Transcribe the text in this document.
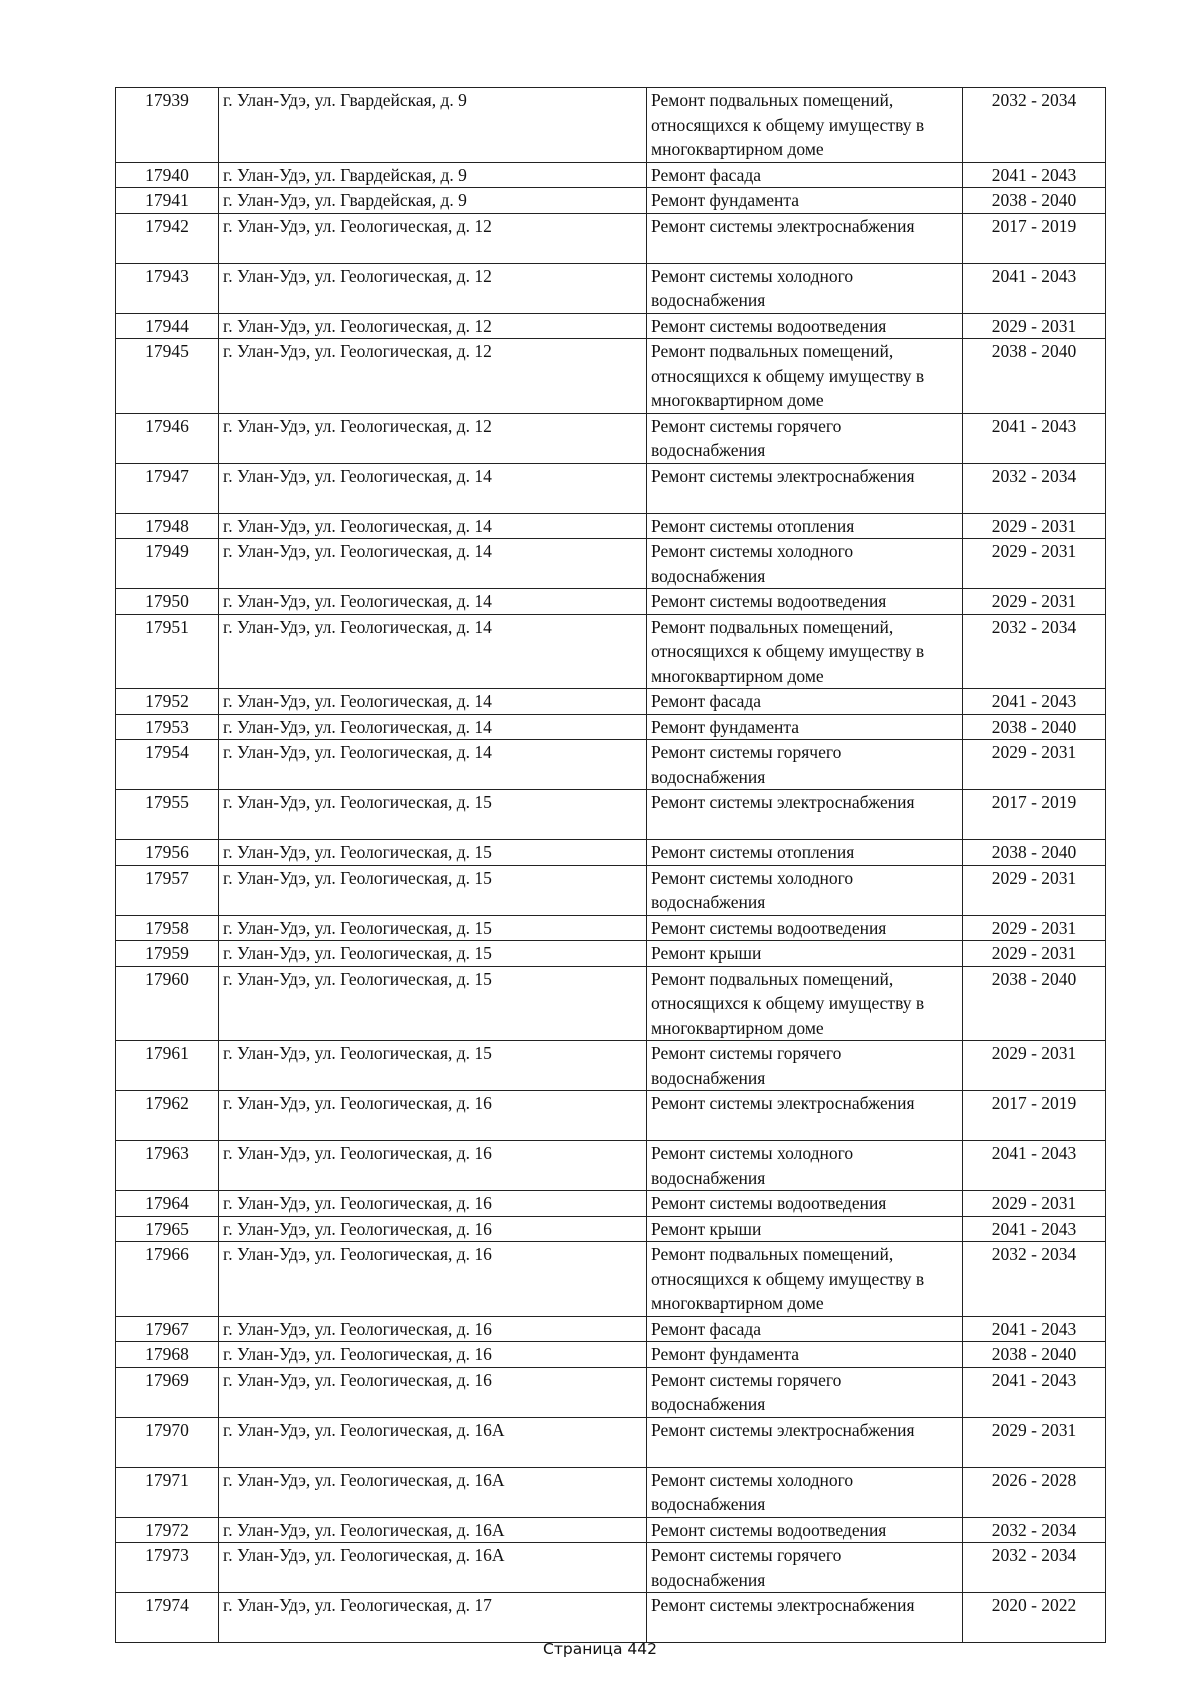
17939	г. Улан-Удэ, ул. Гвардейская, д. 9	Ремонт подвальных помещений, относящихся к общему имуществу в многоквартирном доме	2032 - 2034
17940	г. Улан-Удэ, ул. Гвардейская, д. 9	Ремонт фасада	2041 - 2043
17941	г. Улан-Удэ, ул. Гвардейская, д. 9	Ремонт фундамента	2038 - 2040
17942	г. Улан-Удэ, ул. Геологическая, д. 12	Ремонт системы электроснабжения	2017 - 2019
17943	г. Улан-Удэ, ул. Геологическая, д. 12	Ремонт системы холодного водоснабжения	2041 - 2043
17944	г. Улан-Удэ, ул. Геологическая, д. 12	Ремонт системы водоотведения	2029 - 2031
17945	г. Улан-Удэ, ул. Геологическая, д. 12	Ремонт подвальных помещений, относящихся к общему имуществу в многоквартирном доме	2038 - 2040
17946	г. Улан-Удэ, ул. Геологическая, д. 12	Ремонт системы горячего водоснабжения	2041 - 2043
17947	г. Улан-Удэ, ул. Геологическая, д. 14	Ремонт системы электроснабжения	2032 - 2034
17948	г. Улан-Удэ, ул. Геологическая, д. 14	Ремонт системы отопления	2029 - 2031
17949	г. Улан-Удэ, ул. Геологическая, д. 14	Ремонт системы холодного водоснабжения	2029 - 2031
17950	г. Улан-Удэ, ул. Геологическая, д. 14	Ремонт системы водоотведения	2029 - 2031
17951	г. Улан-Удэ, ул. Геологическая, д. 14	Ремонт подвальных помещений, относящихся к общему имуществу в многоквартирном доме	2032 - 2034
17952	г. Улан-Удэ, ул. Геологическая, д. 14	Ремонт фасада	2041 - 2043
17953	г. Улан-Удэ, ул. Геологическая, д. 14	Ремонт фундамента	2038 - 2040
17954	г. Улан-Удэ, ул. Геологическая, д. 14	Ремонт системы горячего водоснабжения	2029 - 2031
17955	г. Улан-Удэ, ул. Геологическая, д. 15	Ремонт системы электроснабжения	2017 - 2019
17956	г. Улан-Удэ, ул. Геологическая, д. 15	Ремонт системы отопления	2038 - 2040
17957	г. Улан-Удэ, ул. Геологическая, д. 15	Ремонт системы холодного водоснабжения	2029 - 2031
17958	г. Улан-Удэ, ул. Геологическая, д. 15	Ремонт системы водоотведения	2029 - 2031
17959	г. Улан-Удэ, ул. Геологическая, д. 15	Ремонт крыши	2029 - 2031
17960	г. Улан-Удэ, ул. Геологическая, д. 15	Ремонт подвальных помещений, относящихся к общему имуществу в многоквартирном доме	2038 - 2040
17961	г. Улан-Удэ, ул. Геологическая, д. 15	Ремонт системы горячего водоснабжения	2029 - 2031
17962	г. Улан-Удэ, ул. Геологическая, д. 16	Ремонт системы электроснабжения	2017 - 2019
17963	г. Улан-Удэ, ул. Геологическая, д. 16	Ремонт системы холодного водоснабжения	2041 - 2043
17964	г. Улан-Удэ, ул. Геологическая, д. 16	Ремонт системы водоотведения	2029 - 2031
17965	г. Улан-Удэ, ул. Геологическая, д. 16	Ремонт крыши	2041 - 2043
17966	г. Улан-Удэ, ул. Геологическая, д. 16	Ремонт подвальных помещений, относящихся к общему имуществу в многоквартирном доме	2032 - 2034
17967	г. Улан-Удэ, ул. Геологическая, д. 16	Ремонт фасада	2041 - 2043
17968	г. Улан-Удэ, ул. Геологическая, д. 16	Ремонт фундамента	2038 - 2040
17969	г. Улан-Удэ, ул. Геологическая, д. 16	Ремонт системы горячего водоснабжения	2041 - 2043
17970	г. Улан-Удэ, ул. Геологическая, д. 16А	Ремонт системы электроснабжения	2029 - 2031
17971	г. Улан-Удэ, ул. Геологическая, д. 16А	Ремонт системы холодного водоснабжения	2026 - 2028
17972	г. Улан-Удэ, ул. Геологическая, д. 16А	Ремонт системы водоотведения	2032 - 2034
17973	г. Улан-Удэ, ул. Геологическая, д. 16А	Ремонт системы горячего водоснабжения	2032 - 2034
17974	г. Улан-Удэ, ул. Геологическая, д. 17	Ремонт системы электроснабжения	2020 - 2022
Страница 442
